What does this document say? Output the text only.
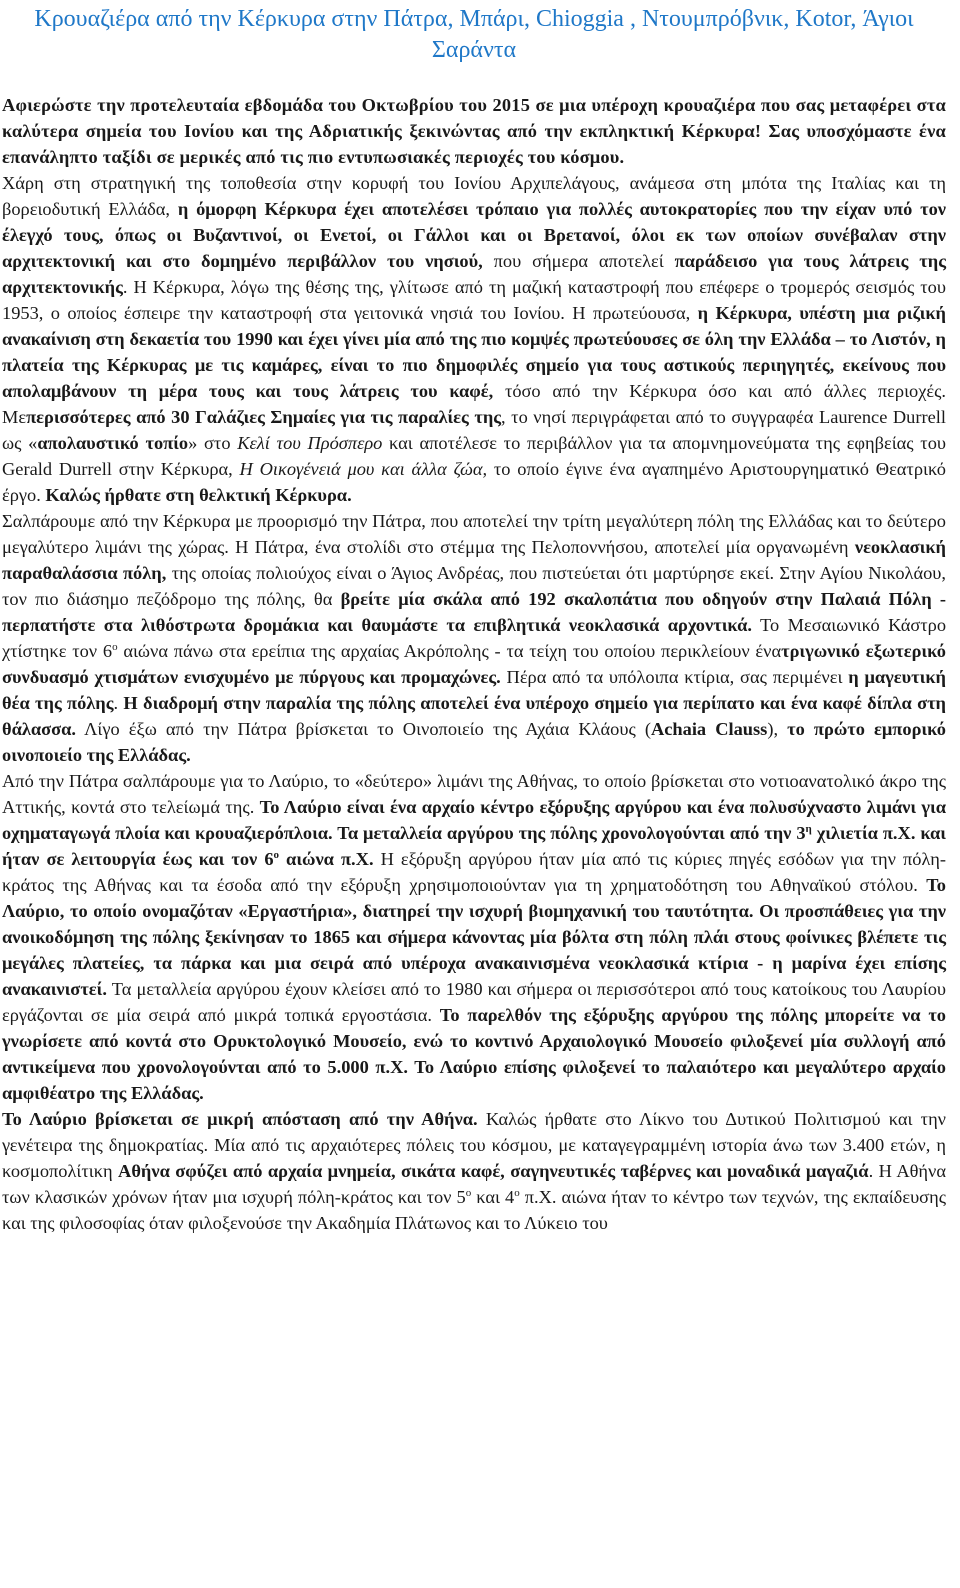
Κρουαζιέρα από την Κέρκυρα στην Πάτρα, Μπάρι, Chioggia , Ντουμπρόβνικ, Kotor, Άγιοι Σαράντα

Αφιερώστε την προτελευταία εβδομάδα του Οκτωβρίου του 2015 σε μια υπέροχη κρουαζιέρα που σας μεταφέρει στα καλύτερα σημεία του Ιονίου και της Αδριατικής ξεκινώντας από την εκπληκτική Κέρκυρα! Σας υποσχόμαστε ένα επανάληπτο ταξίδι σε μερικές από τις πιο εντυπωσιακές περιοχές του κόσμου.

Χάρη στη στρατηγική της τοποθεσία στην κορυφή του Ιονίου Αρχιπελάγους, ανάμεσα στη μπότα της Ιταλίας και τη βορειοδυτική Ελλάδα, η όμορφη Κέρκυρα έχει αποτελέσει τρόπαιο για πολλές αυτοκρατορίες που την είχαν υπό τον έλεγχό τους, όπως οι Βυζαντινοί, οι Ενετοί, οι Γάλλοι και οι Βρετανοί, όλοι εκ των οποίων συνέβαλαν στην αρχιτεκτονική και στο δομημένο περιβάλλον του νησιού, που σήμερα αποτελεί παράδεισο για τους λάτρεις της αρχιτεκτονικής. Η Κέρκυρα, λόγω της θέσης της, γλίτωσε από τη μαζική καταστροφή που επέφερε ο τρομερός σεισμός του 1953, ο οποίος έσπειρε την καταστροφή στα γειτονικά νησιά του Ιονίου. Η πρωτεύουσα, η Κέρκυρα, υπέστη μια ριζική ανακαίνιση στη δεκαετία του 1990 και έχει γίνει μία από της πιο κομψές πρωτεύουσες σε όλη την Ελλάδα – το Λιστόν, η πλατεία της Κέρκυρας με τις καμάρες, είναι το πιο δημοφιλές σημείο για τους αστικούς περιηγητές, εκείνους που απολαμβάνουν τη μέρα τους και τους λάτρεις του καφέ, τόσο από την Κέρκυρα όσο και από άλλες περιοχές. Μεπερισσότερες από 30 Γαλάζιες Σημαίες για τις παραλίες της, το νησί περιγράφεται από το συγγραφέα Laurence Durrell ως «απολαυστικό τοπίο» στο Κελί του Πρόσπερο και αποτέλεσε το περιβάλλον για τα απομνημονεύματα της εφηβείας του Gerald Durrell στην Κέρκυρα, Η Οικογένειά μου και άλλα ζώα, το οποίο έγινε ένα αγαπημένο Αριστουργηματικό Θεατρικό έργο. Καλώς ήρθατε στη θελκτική Κέρκυρα.

Σαλπάρουμε από την Κέρκυρα με προορισμό την Πάτρα, που αποτελεί την τρίτη μεγαλύτερη πόλη της Ελλάδας και το δεύτερο μεγαλύτερο λιμάνι της χώρας. Η Πάτρα, ένα στολίδι στο στέμμα της Πελοποννήσου, αποτελεί μία οργανωμένη νεοκλασική παραθαλάσσια πόλη, της οποίας πολιούχος είναι ο Άγιος Ανδρέας, που πιστεύεται ότι μαρτύρησε εκεί. Στην Αγίου Νικολάου, τον πιο διάσημο πεζόδρομο της πόλης, θα βρείτε μία σκάλα από 192 σκαλοπάτια που οδηγούν στην Παλαιά Πόλη - περπατήστε στα λιθόστρωτα δρομάκια και θαυμάστε τα επιβλητικά νεοκλασικά αρχοντικά. Το Μεσαιωνικό Κάστρο χτίστηκε τον $6^o$ αιώνα πάνω στα ερείπια της αρχαίας Ακρόπολης - τα τείχη του οποίου περικλείουν ένατριγωνικό εξωτερικό συνδυασμό χτισμάτων ενισχυμένο με πύργους και προμαχώνες. Πέρα από τα υπόλοιπα κτίρια, σας περιμένει η μαγευτική θέα της πόλης. Η διαδρομή στην παραλία της πόλης αποτελεί ένα υπέροχο σημείο για περίπατο και ένα καφέ δίπλα στη θάλασσα. Λίγο έξω από την Πάτρα βρίσκεται το Οινοποιείο της Αχάια Κλάους (Achaia Clauss), το πρώτο εμπορικό οινοποιείο της Ελλάδας.

Από την Πάτρα σαλπάρουμε για το Λαύριο, το «δεύτερο» λιμάνι της Αθήνας, το οποίο βρίσκεται στο νοτιοανατολικό άκρο της Αττικής, κοντά στο τελείωμά της. Το Λαύριο είναι ένα αρχαίο κέντρο εξόρυξης αργύρου και ένα πολυσύχναστο λιμάνι για οχηματαγωγά πλοία και κρουαζιερόπλοια. Τα μεταλλεία αργύρου της πόλης χρονολογούνται από την $3^\eta$ χιλιετία π.Χ. και ήταν σε λειτουργία έως και τον $6^o$ αιώνα π.Χ. Η εξόρυξη αργύρου ήταν μία από τις κύριες πηγές εσόδων για την πόλη-κράτος της Αθήνας και τα έσοδα από την εξόρυξη χρησιμοποιούνταν για τη χρηματοδότηση του Αθηναϊκού στόλου. Το Λαύριο, το οποίο ονομαζόταν «Εργαστήρια», διατηρεί την ισχυρή βιομηχανική του ταυτότητα. Οι προσπάθειες για την ανοικοδόμηση της πόλης ξεκίνησαν το 1865 και σήμερα κάνοντας μία βόλτα στη πόλη πλάι στους φοίνικες βλέπετε τις μεγάλες πλατείες, τα πάρκα και μια σειρά από υπέροχα ανακαινισμένα νεοκλασικά κτίρια - η μαρίνα έχει επίσης ανακαινιστεί. Τα μεταλλεία αργύρου έχουν κλείσει από το 1980 και σήμερα οι περισσότεροι από τους κατοίκους του Λαυρίου εργάζονται σε μία σειρά από μικρά τοπικά εργοστάσια. Το παρελθόν της εξόρυξης αργύρου της πόλης μπορείτε να το γνωρίσετε από κοντά στο Ορυκτολογικό Μουσείο, ενώ το κοντινό Αρχαιολογικό Μουσείο φιλοξενεί μία συλλογή από αντικείμενα που χρονολογούνται από το 5.000 π.Χ. Το Λαύριο επίσης φιλοξενεί το παλαιότερο και μεγαλύτερο αρχαίο αμφιθέατρο της Ελλάδας.

Το Λαύριο βρίσκεται σε μικρή απόσταση από την Αθήνα. Καλώς ήρθατε στο Λίκνο του Δυτικού Πολιτισμού και την γενέτειρα της δημοκρατίας. Μία από τις αρχαιότερες πόλεις του κόσμου, με καταγεγραμμένη ιστορία άνω των 3.400 ετών, η κοσμοπολίτικη Αθήνα σφύζει από αρχαία μνημεία, σικάτα καφέ, σαγηνευτικές ταβέρνες και μοναδικά μαγαζιά. Η Αθήνα των κλασικών χρόνων ήταν μια ισχυρή πόλη-κράτος και τον $5^o$ και $4^o$ π.Χ. αιώνα ήταν το κέντρο των τεχνών, της εκπαίδευσης και της φιλοσοφίας όταν φιλοξενούσε την Ακαδημία Πλάτωνος και το Λύκειο του
